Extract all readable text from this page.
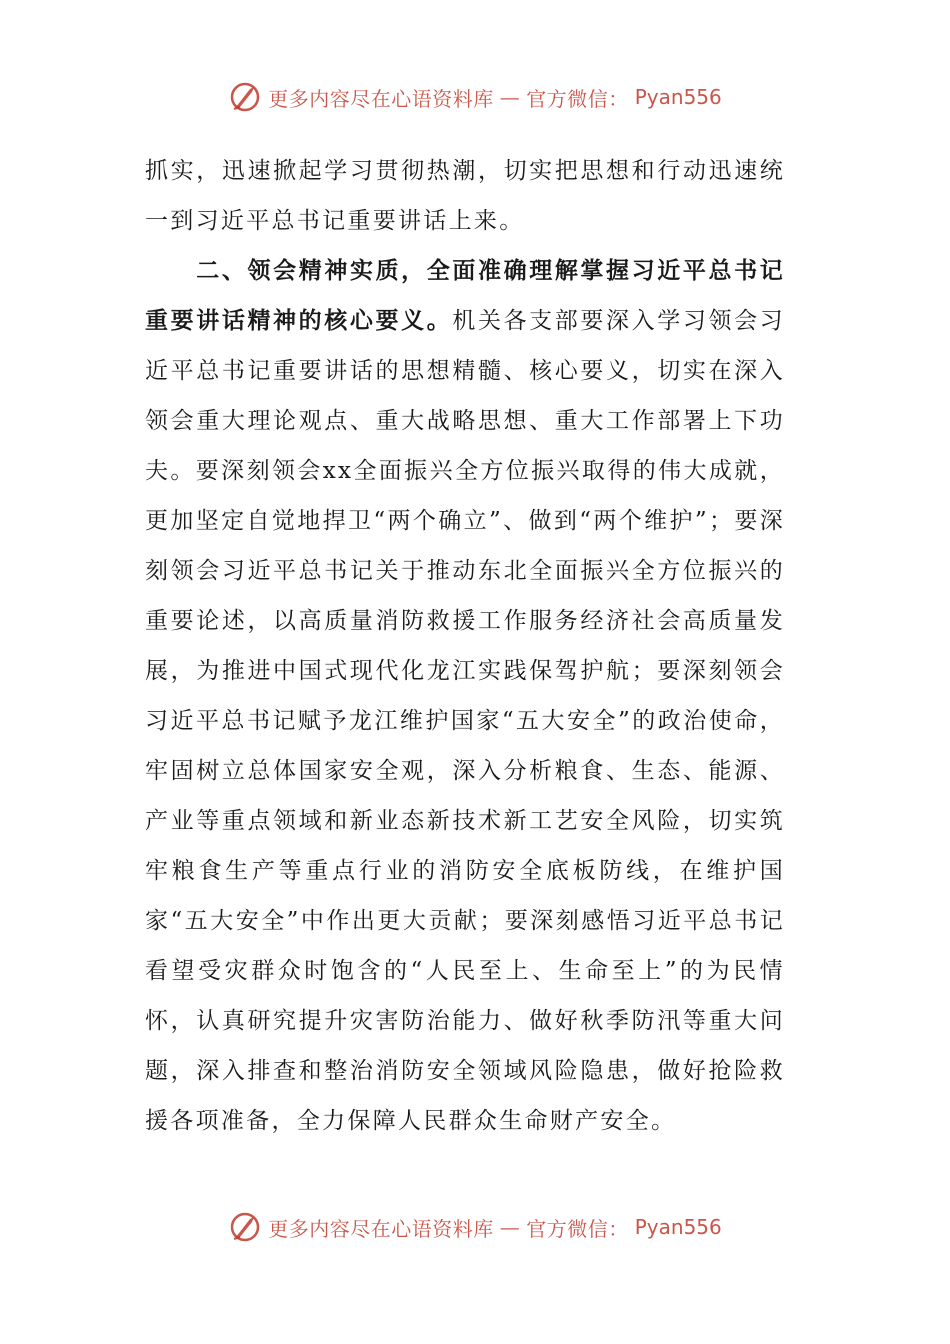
更多内容尽在心语资料库 — 官方微信： Pyan556

抓实，迅速掀起学习贯彻热潮，切实把思想和行动迅速统一到习近平总书记重要讲话上来。

二、领会精神实质，全面准确理解掌握习近平总书记重要讲话精神的核心要义。机关各支部要深入学习领会习近平总书记重要讲话的思想精髓、核心要义，切实在深入领会重大理论观点、重大战略思想、重大工作部署上下功夫。要深刻领会xx全面振兴全方位振兴取得的伟大成就，更加坚定自觉地捍卫“两个确立”、做到“两个维护”；要深刻领会习近平总书记关于推动东北全面振兴全方位振兴的重要论述，以高质量消防救援工作服务经济社会高质量发展，为推进中国式现代化龙江实践保驾护航；要深刻领会习近平总书记赋予龙江维护国家“五大安全”的政治使命，牢固树立总体国家安全观，深入分析粮食、生态、能源、产业等重点领域和新业态新技术新工艺安全风险，切实筑牢粮食生产等重点行业的消防安全底板防线，在维护国家“五大安全”中作出更大贡献；要深刻感悟习近平总书记看望受灾群众时饱含的“人民至上、生命至上”的为民情怀，认真研究提升灾害防治能力、做好秋季防汛等重大问题，深入排查和整治消防安全领域风险隐患，做好抢险救援各项准备，全力保障人民群众生命财产安全。

更多内容尽在心语资料库 — 官方微信： Pyan556
